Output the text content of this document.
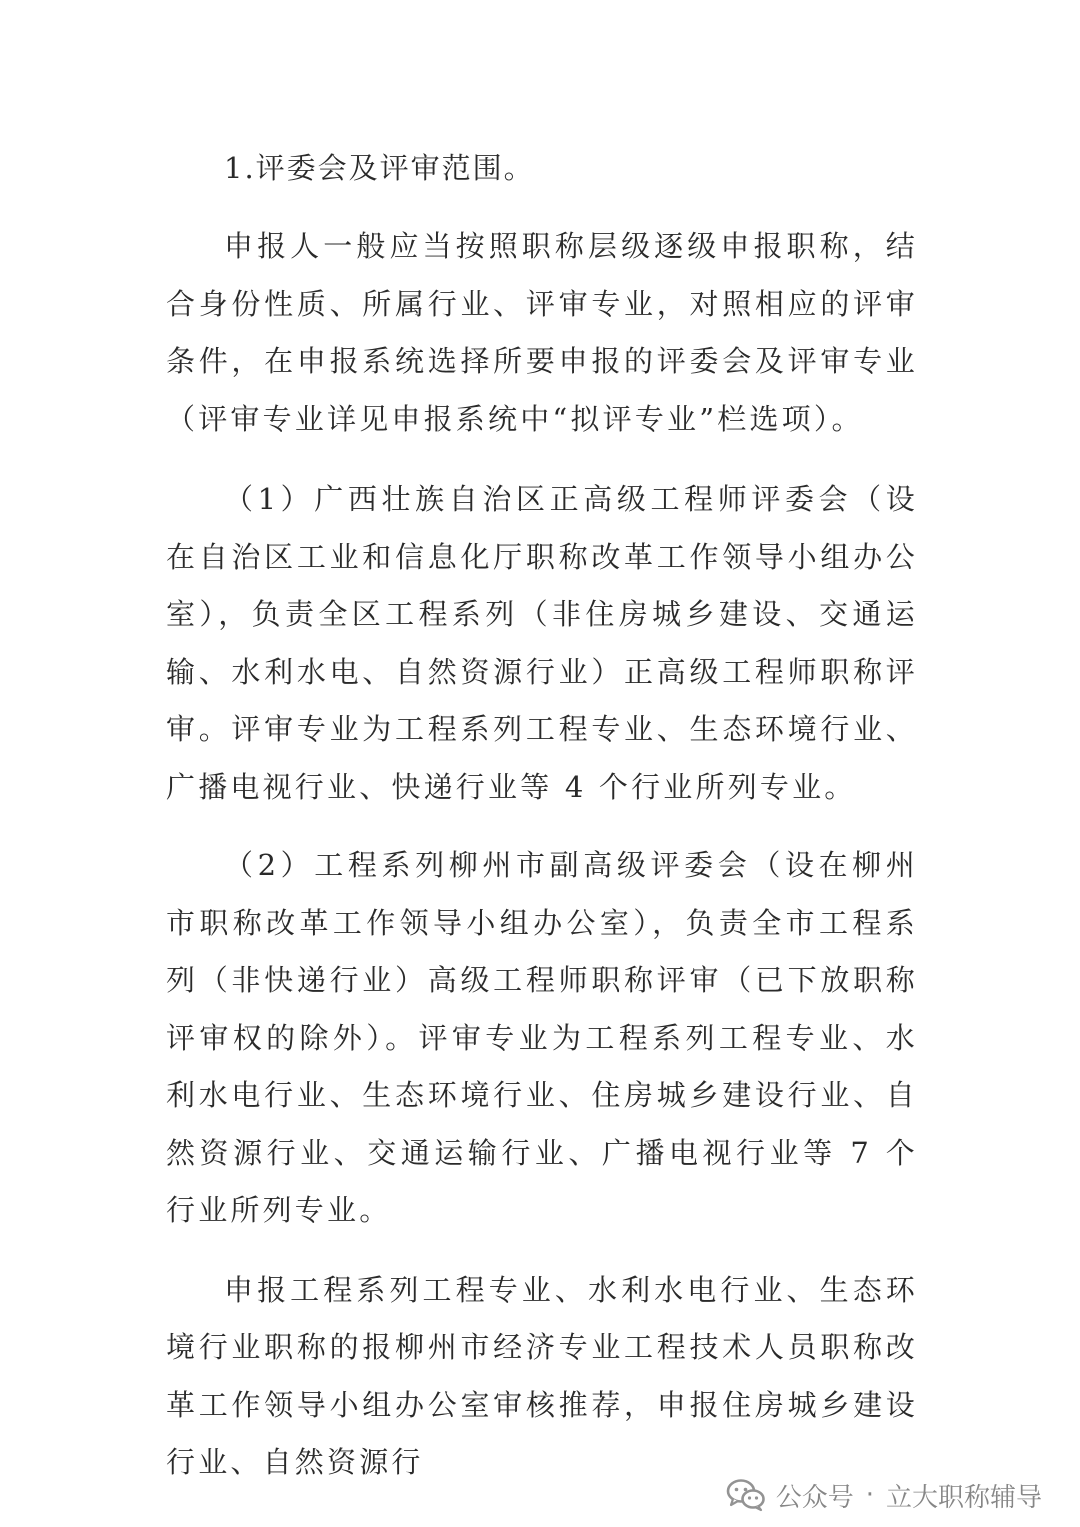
1.评委会及评审范围。

申报人一般应当按照职称层级逐级申报职称，结合身份性质、所属行业、评审专业，对照相应的评审条件，在申报系统选择所要申报的评委会及评审专业（评审专业详见申报系统中“拟评专业”栏选项）。

（1）广西壮族自治区正高级工程师评委会（设在自治区工业和信息化厅职称改革工作领导小组办公室），负责全区工程系列（非住房城乡建设、交通运输、水利水电、自然资源行业）正高级工程师职称评审。评审专业为工程系列工程专业、生态环境行业、广播电视行业、快递行业等 4 个行业所列专业。

（2）工程系列柳州市副高级评委会（设在柳州市职称改革工作领导小组办公室），负责全市工程系列（非快递行业）高级工程师职称评审（已下放职称评审权的除外）。评审专业为工程系列工程专业、水利水电行业、生态环境行业、住房城乡建设行业、自然资源行业、交通运输行业、广播电视行业等 7 个行业所列专业。

申报工程系列工程专业、水利水电行业、生态环境行业职称的报柳州市经济专业工程技术人员职称改革工作领导小组办公室审核推荐，申报住房城乡建设行业、自然资源行

公众号 · 立大职称辅导
